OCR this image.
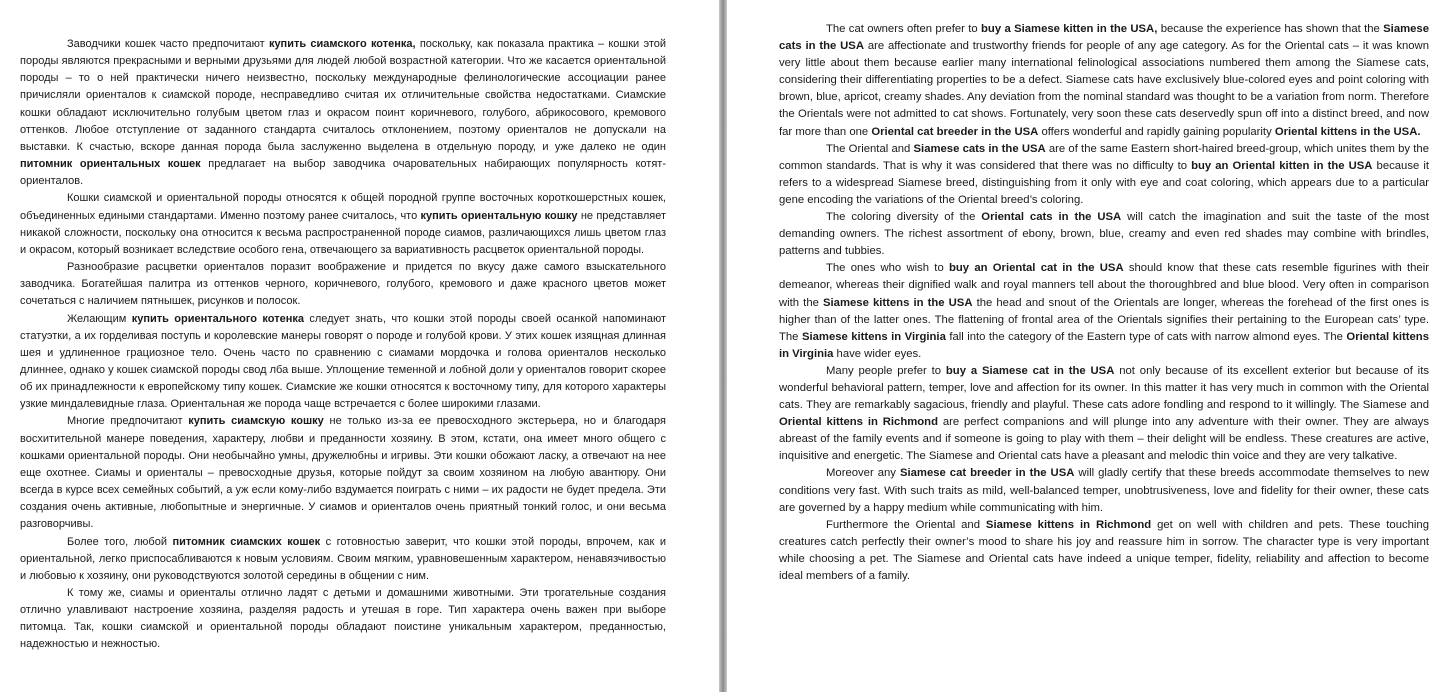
Заводчики кошек часто предпочитают купить сиамского котенка, поскольку, как показала практика – кошки этой породы являются прекрасными и верными друзьями для людей любой возрастной категории. Что же касается ориентальной породы – то о ней практически ничего неизвестно, поскольку международные фелинологические ассоциации ранее причисляли ориенталов к сиамской породе, несправедливо считая их отличительные свойства недостатками. Сиамские кошки обладают исключительно голубым цветом глаз и окрасом поинт коричневого, голубого, абрикосового, кремового оттенков. Любое отступление от заданного стандарта считалось отклонением, поэтому ориенталов не допускали на выставки. К счастью, вскоре данная порода была заслуженно выделена в отдельную породу, и уже далеко не один питомник ориентальных кошек предлагает на выбор заводчика очаровательных набирающих популярность котят-ориенталов.

Кошки сиамской и ориентальной породы относятся к общей породной группе восточных короткошерстных кошек, объединенных едиными стандартами. Именно поэтому ранее считалось, что купить ориентальную кошку не представляет никакой сложности, поскольку она относится к весьма распространенной породе сиамов, различающихся лишь цветом глаз и окрасом, который возникает вследствие особого гена, отвечающего за вариативность расцветок ориентальной породы.

Разнообразие расцветки ориенталов поразит воображение и придется по вкусу даже самого взыскательного заводчика. Богатейшая палитра из оттенков черного, коричневого, голубого, кремового и даже красного цветов может сочетаться с наличием пятнышек, рисунков и полосок.

Желающим купить ориентального котенка следует знать, что кошки этой породы своей осанкой напоминают статуэтки, а их горделивая поступь и королевские манеры говорят о породе и голубой крови. У этих кошек изящная длинная шея и удлиненное грациозное тело. Очень часто по сравнению с сиамами мордочка и голова ориенталов несколько длиннее, однако у кошек сиамской породы свод лба выше. Уплощение теменной и лобной доли у ориенталов говорит скорее об их принадлежности к европейскому типу кошек. Сиамские же кошки относятся к восточному типу, для которого характеры узкие миндалевидные глаза. Ориентальная же порода чаще встречается с более широкими глазами.

Многие предпочитают купить сиамскую кошку не только из-за ее превосходного экстерьера, но и благодаря восхитительной манере поведения, характеру, любви и преданности хозяину. В этом, кстати, она имеет много общего с кошками ориентальной породы. Они необычайно умны, дружелюбны и игривы. Эти кошки обожают ласку, а отвечают на нее еще охотнее. Сиамы и ориенталы – превосходные друзья, которые пойдут за своим хозяином на любую авантюру. Они всегда в курсе всех семейных событий, а уж если кому-либо вздумается поиграть с ними – их радости не будет предела. Эти создания очень активные, любопытные и энергичные. У сиамов и ориенталов очень приятный тонкий голос, и они весьма разговорчивы.

Более того, любой питомник сиамских кошек с готовностью заверит, что кошки этой породы, впрочем, как и ориентальной, легко приспосабливаются к новым условиям. Своим мягким, уравновешенным характером, ненавязчивостью и любовью к хозяину, они руководствуются золотой середины в общении с ним.

К тому же, сиамы и ориенталы отлично ладят с детьми и домашними животными. Эти трогательные создания отлично улавливают настроение хозяина, разделяя радость и утешая в горе. Тип характера очень важен при выборе питомца. Так, кошки сиамской и ориентальной породы обладают поистине уникальным характером, преданностью, надежностью и нежностью.

The cat owners often prefer to buy a Siamese kitten in the USA, because the experience has shown that the Siamese cats in the USA are affectionate and trustworthy friends for people of any age category. As for the Oriental cats – it was known very little about them because earlier many international felinological associations numbered them among the Siamese cats, considering their differentiating properties to be a defect. Siamese cats have exclusively blue-colored eyes and point coloring with brown, blue, apricot, creamy shades. Any deviation from the nominal standard was thought to be a variation from norm. Therefore the Orientals were not admitted to cat shows. Fortunately, very soon these cats deservedly spun off into a distinct breed, and now far more than one Oriental cat breeder in the USA offers wonderful and rapidly gaining popularity Oriental kittens in the USA.

The Oriental and Siamese cats in the USA are of the same Eastern short-haired breed-group, which unites them by the common standards. That is why it was considered that there was no difficulty to buy an Oriental kitten in the USA because it refers to a widespread Siamese breed, distinguishing from it only with eye and coat coloring, which appears due to a particular gene encoding the variations of the Oriental breed’s coloring.

The coloring diversity of the Oriental cats in the USA will catch the imagination and suit the taste of the most demanding owners. The richest assortment of ebony, brown, blue, creamy and even red shades may combine with brindles, patterns and tubbies.

The ones who wish to buy an Oriental cat in the USA should know that these cats resemble figurines with their demeanor, whereas their dignified walk and royal manners tell about the thoroughbred and blue blood. Very often in comparison with the Siamese kittens in the USA the head and snout of the Orientals are longer, whereas the forehead of the first ones is higher than of the latter ones. The flattening of frontal area of the Orientals signifies their pertaining to the European cats’ type. The Siamese kittens in Virginia fall into the category of the Eastern type of cats with narrow almond eyes. The Oriental kittens in Virginia have wider eyes.

Many people prefer to buy a Siamese cat in the USA not only because of its excellent exterior but because of its wonderful behavioral pattern, temper, love and affection for its owner. In this matter it has very much in common with the Oriental cats. They are remarkably sagacious, friendly and playful. These cats adore fondling and respond to it willingly. The Siamese and Oriental kittens in Richmond are perfect companions and will plunge into any adventure with their owner. They are always abreast of the family events and if someone is going to play with them – their delight will be endless. These creatures are active, inquisitive and energetic. The Siamese and Oriental cats have a pleasant and melodic thin voice and they are very talkative.

Moreover any Siamese cat breeder in the USA will gladly certify that these breeds accommodate themselves to new conditions very fast. With such traits as mild, well-balanced temper, unobtrusiveness, love and fidelity for their owner, these cats are governed by a happy medium while communicating with him.

Furthermore the Oriental and Siamese kittens in Richmond get on well with children and pets. These touching creatures catch perfectly their owner’s mood to share his joy and reassure him in sorrow. The character type is very important while choosing a pet. The Siamese and Oriental cats have indeed a unique temper, fidelity, reliability and affection to become ideal members of a family.
